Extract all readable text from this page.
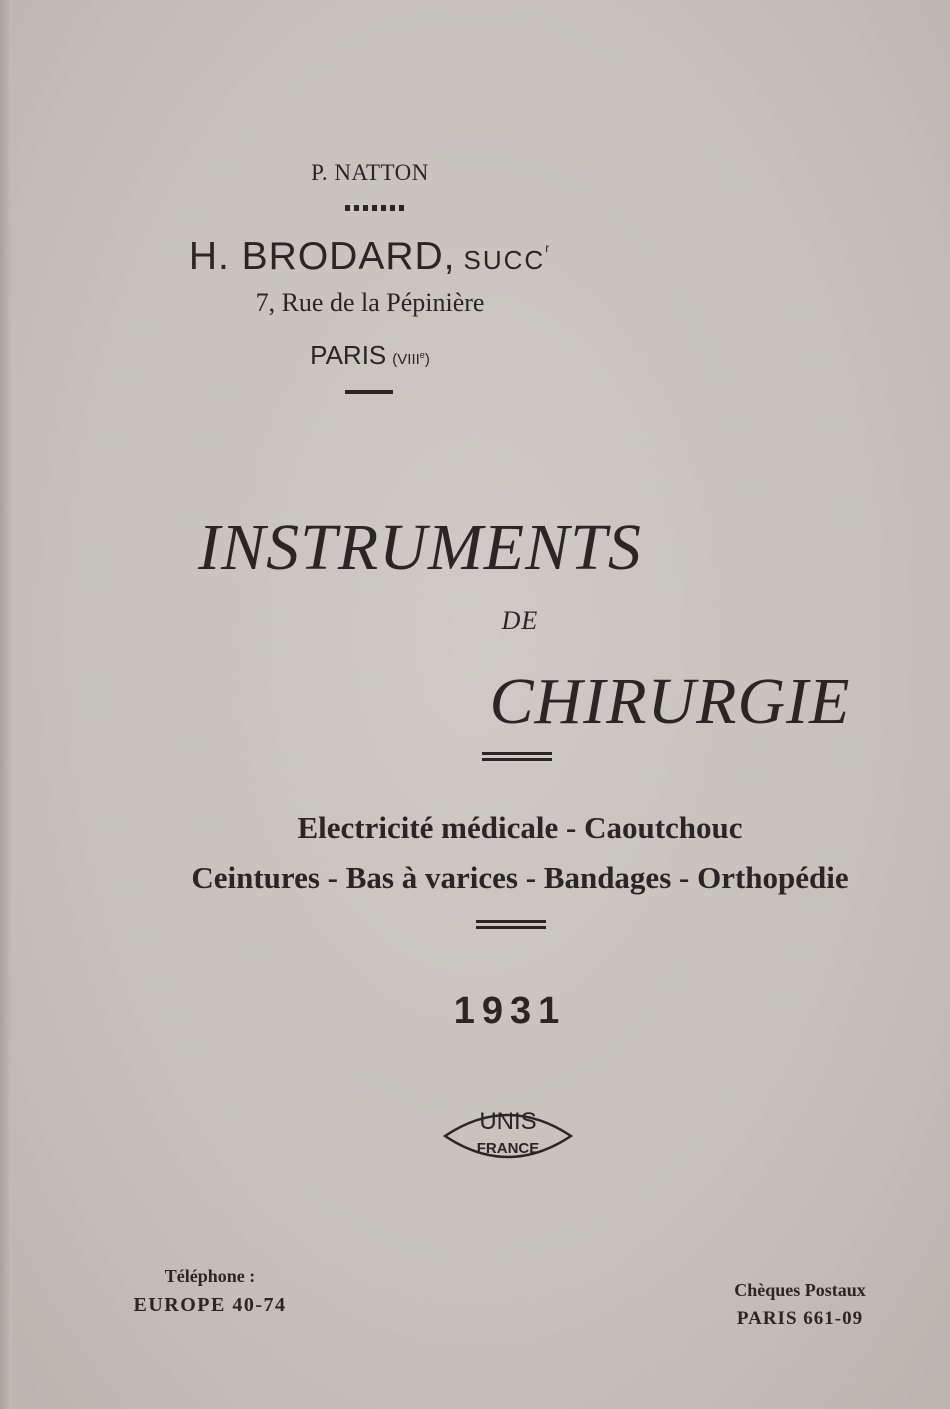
P. NATTON
H. BRODARD, SUCC$^r$
7, Rue de la Pépinière
PARIS (VIIIe)
INSTRUMENTS
DE
CHIRURGIE
Electricité médicale - Caoutchouc
Ceintures - Bas à varices - Bandages - Orthopédie
1931
UNIS
FRANCE
Téléphone :
EUROPE 40-74
Chèques Postaux
PARIS 661-09
